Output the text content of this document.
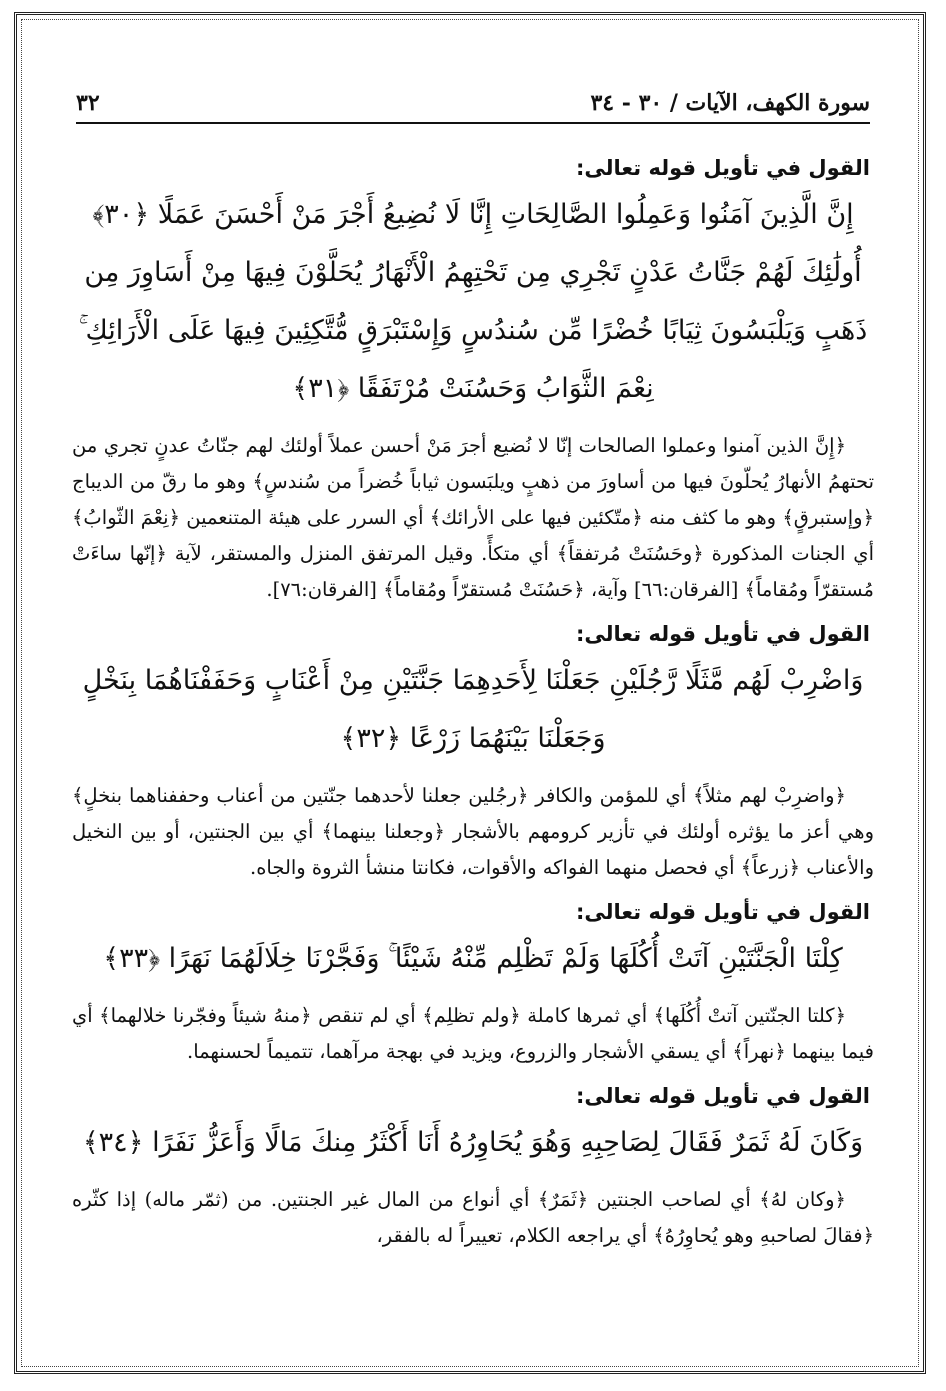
سورة الكهف، الآيات / ٣٠ - ٣٤
٣٢
القول في تأويل قوله تعالى:
إِنَّ الَّذِينَ آمَنُوا وَعَمِلُوا الصَّالِحَاتِ إِنَّا لَا نُضِيعُ أَجْرَ مَنْ أَحْسَنَ عَمَلًا ﴿٣٠﴾ أُولَٰئِكَ لَهُمْ جَنَّاتُ عَدْنٍ تَجْرِي مِن تَحْتِهِمُ الْأَنْهَارُ يُحَلَّوْنَ فِيهَا مِنْ أَسَاوِرَ مِن ذَهَبٍ وَيَلْبَسُونَ ثِيَابًا خُضْرًا مِّن سُندُسٍ وَإِسْتَبْرَقٍ مُّتَّكِئِينَ فِيهَا عَلَى الْأَرَائِكِ ۚ نِعْمَ الثَّوَابُ وَحَسُنَتْ مُرْتَفَقًا ﴿٣١﴾
﴿إِنَّ الذين آمنوا وعملوا الصالحات إنّا لا نُضيع أجرَ مَنْ أحسن عملاً أولئك لهم جنّاتُ عدنٍ تجري من تحتهمُ الأنهارُ يُحلّونَ فيها من أساورَ من ذهبٍ ويلبَسون ثياباً خُضراً من سُندسٍ﴾ وهو ما رقّ من الديباج ﴿وإستبرقٍ﴾ وهو ما كثف منه ﴿متّكئين فيها على الأرائك﴾ أي السرر على هيئة المتنعمين ﴿نِعْمَ الثّوابُ﴾ أي الجنات المذكورة ﴿وحَسُنَتْ مُرتفقاً﴾ أي متكأً. وقيل المرتفق المنزل والمستقر، لآية ﴿إنّها ساءَتْ مُستقرّاً ومُقاماً﴾ [الفرقان:٦٦] وآية، ﴿حَسُنَتْ مُستقرّاً ومُقاماً﴾ [الفرقان:٧٦].
القول في تأويل قوله تعالى:
وَاضْرِبْ لَهُم مَّثَلًا رَّجُلَيْنِ جَعَلْنَا لِأَحَدِهِمَا جَنَّتَيْنِ مِنْ أَعْنَابٍ وَحَفَفْنَاهُمَا بِنَخْلٍ وَجَعَلْنَا بَيْنَهُمَا زَرْعًا ﴿٣٢﴾
﴿واضرِبْ لهم مثلاً﴾ أي للمؤمن والكافر ﴿رجُلين جعلنا لأحدهما جنّتين من أعناب وحففناهما بنخلٍ﴾ وهي أعز ما يؤثره أولئك في تأزير كرومهم بالأشجار ﴿وجعلنا بينهما﴾ أي بين الجنتين، أو بين النخيل والأعناب ﴿زرعاً﴾ أي فحصل منهما الفواكه والأقوات، فكانتا منشأ الثروة والجاه.
القول في تأويل قوله تعالى:
كِلْتَا الْجَنَّتَيْنِ آتَتْ أُكُلَهَا وَلَمْ تَظْلِم مِّنْهُ شَيْئًا ۚ وَفَجَّرْنَا خِلَالَهُمَا نَهَرًا ﴿٣٣﴾
﴿كلتا الجنّتين آتتْ أُكُلَها﴾ أي ثمرها كاملة ﴿ولم تظلِم﴾ أي لم تنقص ﴿منهُ شيئاً وفجّرنا خلالهما﴾ أي فيما بينهما ﴿نهراً﴾ أي يسقي الأشجار والزروع، ويزيد في بهجة مرآهما، تتميماً لحسنهما.
القول في تأويل قوله تعالى:
وَكَانَ لَهُ ثَمَرٌ فَقَالَ لِصَاحِبِهِ وَهُوَ يُحَاوِرُهُ أَنَا أَكْثَرُ مِنكَ مَالًا وَأَعَزُّ نَفَرًا ﴿٣٤﴾
﴿وكان لهُ﴾ أي لصاحب الجنتين ﴿ثَمَرٌ﴾ أي أنواع من المال غير الجنتين. من (ثمّر ماله) إذا كثّره ﴿فقالَ لصاحبهِ وهو يُحاوِرُهُ﴾ أي يراجعه الكلام، تعييراً له بالفقر،
